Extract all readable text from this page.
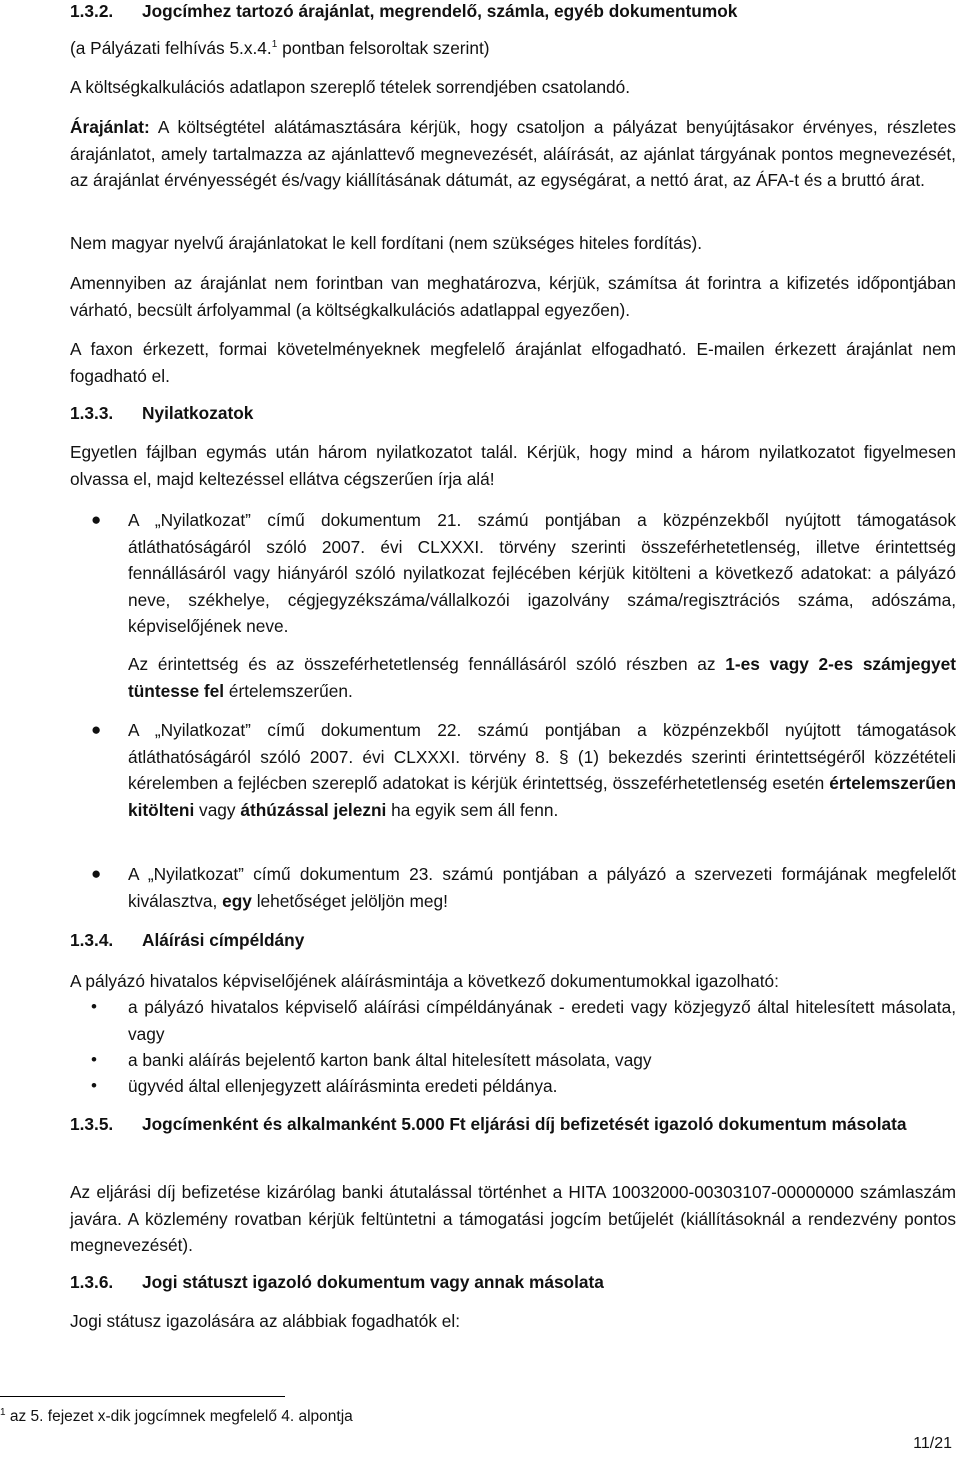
1.3.2. Jogcímhez tartozó árajánlat, megrendelő, számla, egyéb dokumentumok

(a Pályázati felhívás 5.x.4.$^1$ pontban felsoroltak szerint)

A költségkalkulációs adatlapon szereplő tételek sorrendjében csatolandó.

Árajánlat: A költségtétel alátámasztására kérjük, hogy csatoljon a pályázat benyújtásakor érvényes, részletes árajánlatot, amely tartalmazza az ajánlattevő megnevezését, aláírását, az ajánlat tárgyának pontos megnevezését, az árajánlat érvényességét és/vagy kiállításának dátumát, az egységárat, a nettó árat, az ÁFA-t és a bruttó árat.

Nem magyar nyelvű árajánlatokat le kell fordítani (nem szükséges hiteles fordítás).

Amennyiben az árajánlat nem forintban van meghatározva, kérjük, számítsa át forintra a kifizetés időpontjában várható, becsült árfolyammal (a költségkalkulációs adatlappal egyezően).

A faxon érkezett, formai követelményeknek megfelelő árajánlat elfogadható. E-mailen érkezett árajánlat nem fogadható el.

1.3.3. Nyilatkozatok

Egyetlen fájlban egymás után három nyilatkozatot talál. Kérjük, hogy mind a három nyilatkozatot figyelmesen olvassa el, majd keltezéssel ellátva cégszerűen írja alá!

● A „Nyilatkozat” című dokumentum 21. számú pontjában a közpénzekből nyújtott támogatások átláthatóságáról szóló 2007. évi CLXXXI. törvény szerinti összeférhetetlenség, illetve érintettség fennállásáról vagy hiányáról szóló nyilatkozat fejlécében kérjük kitölteni a következő adatokat: a pályázó neve, székhelye, cégjegyzékszáma/vállalkozói igazolvány száma/regisztrációs száma, adószáma, képviselőjének neve.

Az érintettség és az összeférhetetlenség fennállásáról szóló részben az 1-es vagy 2-es számjegyet tüntesse fel értelemszerűen.

● A „Nyilatkozat” című dokumentum 22. számú pontjában a közpénzekből nyújtott támogatások átláthatóságáról szóló 2007. évi CLXXXI. törvény 8. § (1) bekezdés szerinti érintettségéről közzétételi kérelemben a fejlécben szereplő adatokat is kérjük érintettség, összeférhetetlenség esetén értelemszerűen kitölteni vagy áthúzással jelezni ha egyik sem áll fenn.

● A „Nyilatkozat” című dokumentum 23. számú pontjában a pályázó a szervezeti formájának megfelelőt kiválasztva, egy lehetőséget jelöljön meg!

1.3.4. Aláírási címpéldány

A pályázó hivatalos képviselőjének aláírásmintája a következő dokumentumokkal igazolható:

• a pályázó hivatalos képviselő aláírási címpéldányának - eredeti vagy közjegyző által hitelesített másolata, vagy

• a banki aláírás bejelentő karton bank által hitelesített másolata, vagy

• ügyvéd által ellenjegyzett aláírásminta eredeti példánya.

1.3.5. Jogcímenként és alkalmanként 5.000 Ft eljárási díj befizetését igazoló dokumentum másolata

Az eljárási díj befizetése kizárólag banki átutalással történhet a HITA 10032000-00303107-00000000 számlaszám javára. A közlemény rovatban kérjük feltüntetni a támogatási jogcím betűjelét (kiállításoknál a rendezvény pontos megnevezését).

1.3.6. Jogi státuszt igazoló dokumentum vagy annak másolata

Jogi státusz igazolására az alábbiak fogadhatók el:

$^1$ az 5. fejezet x-dik jogcímnek megfelelő 4. alpontja

11/21
